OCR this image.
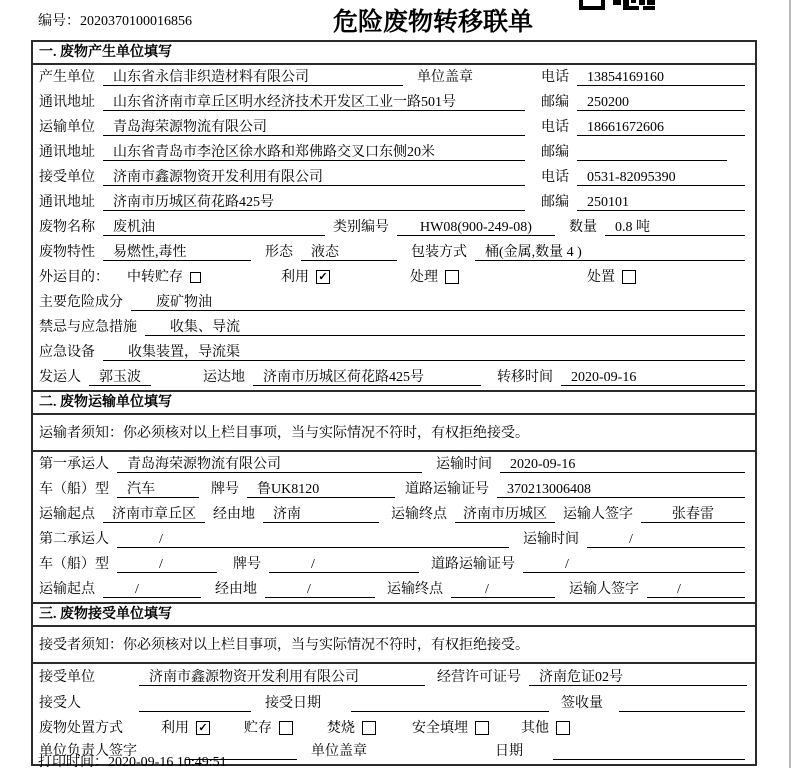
编号：2020370100016856	危险废物转移联单
一. 废物产生单位填写
产生单位	山东省永信非织造材料有限公司	单位盖章	电话	13854169160
通讯地址	山东省济南市章丘区明水经济技术开发区工业一路501号	邮编	250200
运输单位	青岛海荣源物流有限公司	电话	18661672606
通讯地址	山东省青岛市李沧区徐水路和郑佛路交叉口东侧20米	邮编
接受单位	济南市鑫源物资开发利用有限公司	电话	0531-82095390
通讯地址	济南市历城区荷花路425号	邮编	250101
废物名称	废机油	类别编号	HW08(900-249-08)	数量	0.8 吨
废物特性	易燃性,毒性	形态	液态	包装方式	桶(金属,数量 4 )
外运目的： 中转贮存	利用 ✓	处理	处置
主要危险成分	废矿物油
禁忌与应急措施	收集、导流
应急设备	收集装置，导流渠
发运人	郭玉波	运达地	济南市历城区荷花路425号	转移时间	2020-09-16
二. 废物运输单位填写
运输者须知：你必须核对以上栏目事项，当与实际情况不符时，有权拒绝接受。
第一承运人	青岛海荣源物流有限公司	运输时间	2020-09-16
车（船）型	汽车	牌号	鲁UK8120	道路运输证号	370213006408
运输起点	济南市章丘区	经由地	济南	运输终点	济南市历城区	运输人签字	张春雷
第二承运人	/	运输时间	/
车（船）型	/	牌号	/	道路运输证号	/
运输起点	/	经由地	/	运输终点	/	运输人签字	/
三. 废物接受单位填写
接受者须知：你必须核对以上栏目事项，当与实际情况不符时，有权拒绝接受。
接受单位	济南市鑫源物资开发利用有限公司	经营许可证号	济南危证02号
接受人	接受日期	签收量
废物处置方式	利用 ✓	贮存	焚烧	安全填埋	其他
单位负责人签字	单位盖章	日期
打印时间：2020-09-16 10:49:51
